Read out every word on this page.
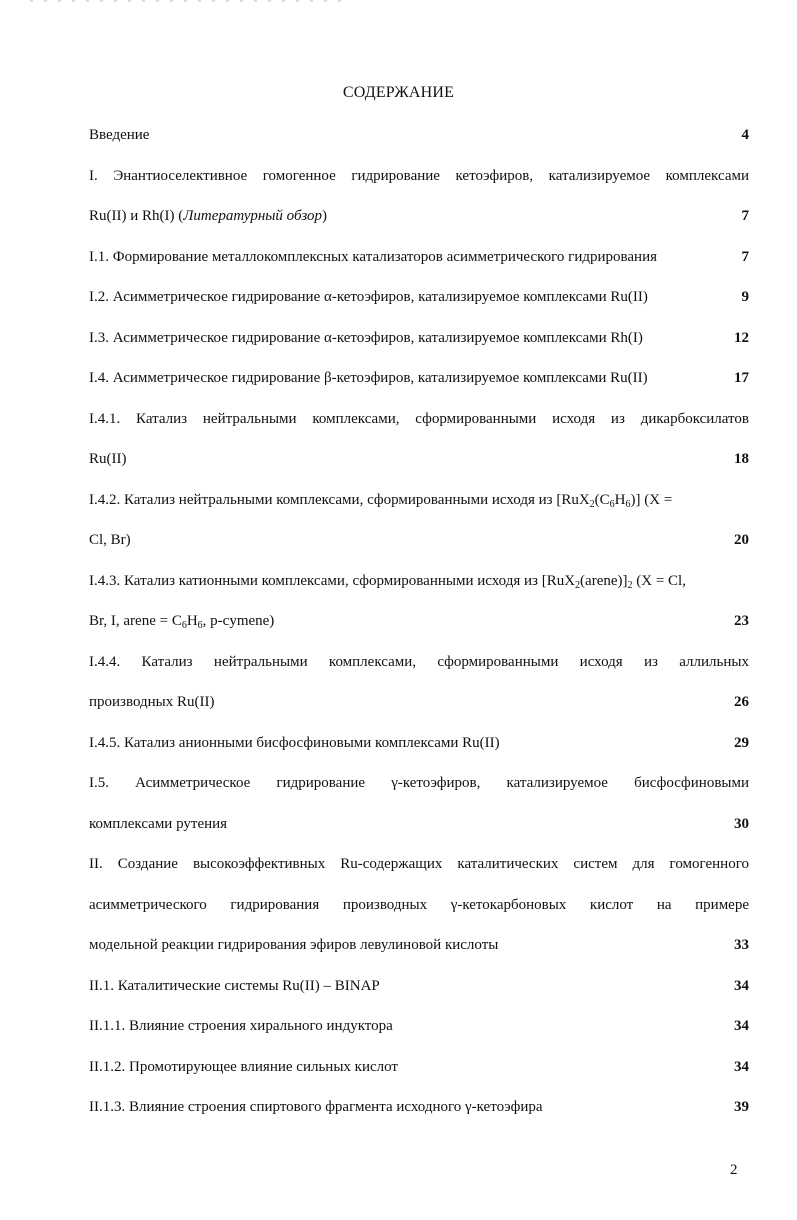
СОДЕРЖАНИЕ
Введение	4
I. Энантиоселективное гомогенное гидрирование кетоэфиров, катализируемое комплексами
Ru(II) и Rh(I) (Литературный обзор)	7
I.1. Формирование металлокомплексных катализаторов асимметрического гидрирования	7
I.2. Асимметрическое гидрирование α-кетоэфиров, катализируемое комплексами Ru(II)	9
I.3. Асимметрическое гидрирование α-кетоэфиров, катализируемое комплексами Rh(I)	12
I.4. Асимметрическое гидрирование β-кетоэфиров, катализируемое комплексами Ru(II)	17
I.4.1. Катализ нейтральными комплексами, сформированными исходя из дикарбоксилатов
Ru(II)	18
I.4.2. Катализ нейтральными комплексами, сформированными исходя из $[RuX_2(C_6H_6)] (X$ =
Cl, Br)	20
I.4.3. Катализ катионными комплексами, сформированными исходя из $[RuX_2(arene)]_2$ (X = Cl,
Br, I, arene = $C_6H_6$, p-cymene)	23
I.4.4. Катализ нейтральными комплексами, сформированными исходя из аллильных
производных Ru(II)	26
I.4.5. Катализ анионными бисфосфиновыми комплексами Ru(II)	29
I.5. Асимметрическое гидрирование γ-кетоэфиров, катализируемое бисфосфиновыми
комплексами рутения	30
II. Создание высокоэффективных Ru-содержащих каталитических систем для гомогенного
асимметрического гидрирования производных γ-кетокарбоновых кислот на примере
модельной реакции гидрирования эфиров левулиновой кислоты	33
II.1. Каталитические системы Ru(II) – BINAP	34
II.1.1. Влияние строения хирального индуктора	34
II.1.2. Промотирующее влияние сильных кислот	34
II.1.3. Влияние строения спиртового фрагмента исходного γ-кетоэфира	39
2
